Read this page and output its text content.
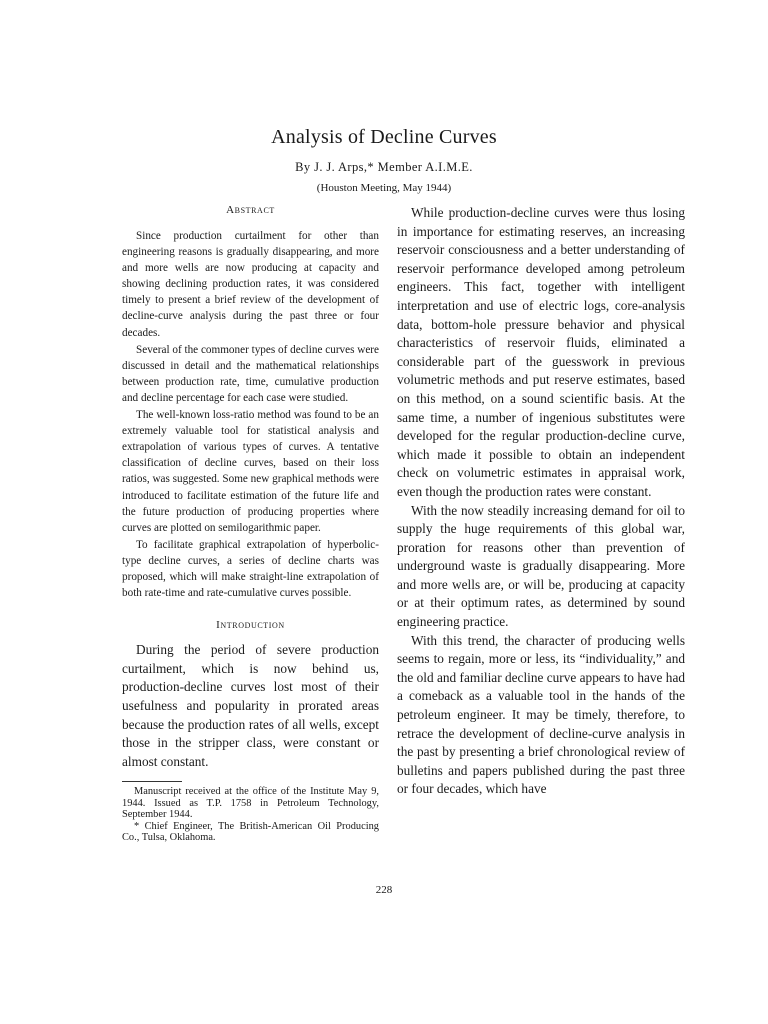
Analysis of Decline Curves
By J. J. Arps,* Member A.I.M.E.
(Houston Meeting, May 1944)
Abstract

Since production curtailment for other than engineering reasons is gradually disappearing, and more and more wells are now producing at capacity and showing declining production rates, it was considered timely to present a brief review of the development of decline-curve analysis during the past three or four decades.

Several of the commoner types of decline curves were discussed in detail and the mathematical relationships between production rate, time, cumulative production and decline percentage for each case were studied.

The well-known loss-ratio method was found to be an extremely valuable tool for statistical analysis and extrapolation of various types of curves. A tentative classification of decline curves, based on their loss ratios, was suggested. Some new graphical methods were introduced to facilitate estimation of the future life and the future production of producing properties where curves are plotted on semilogarithmic paper.

To facilitate graphical extrapolation of hyperbolic-type decline curves, a series of decline charts was proposed, which will make straight-line extrapolation of both rate-time and rate-cumulative curves possible.

Introduction

During the period of severe production curtailment, which is now behind us, production-decline curves lost most of their usefulness and popularity in prorated areas because the production rates of all wells, except those in the stripper class, were constant or almost constant.

Manuscript received at the office of the Institute May 9, 1944. Issued as T.P. 1758 in Petroleum Technology, September 1944.

* Chief Engineer, The British-American Oil Producing Co., Tulsa, Oklahoma.

While production-decline curves were thus losing in importance for estimating reserves, an increasing reservoir consciousness and a better understanding of reservoir performance developed among petroleum engineers. This fact, together with intelligent interpretation and use of electric logs, core-analysis data, bottom-hole pressure behavior and physical characteristics of reservoir fluids, eliminated a considerable part of the guesswork in previous volumetric methods and put reserve estimates, based on this method, on a sound scientific basis. At the same time, a number of ingenious substitutes were developed for the regular production-decline curve, which made it possible to obtain an independent check on volumetric estimates in appraisal work, even though the production rates were constant.

With the now steadily increasing demand for oil to supply the huge requirements of this global war, proration for reasons other than prevention of underground waste is gradually disappearing. More and more wells are, or will be, producing at capacity or at their optimum rates, as determined by sound engineering practice.

With this trend, the character of producing wells seems to regain, more or less, its “individuality,” and the old and familiar decline curve appears to have had a comeback as a valuable tool in the hands of the petroleum engineer. It may be timely, therefore, to retrace the development of decline-curve analysis in the past by presenting a brief chronological review of bulletins and papers published during the past three or four decades, which have

228
